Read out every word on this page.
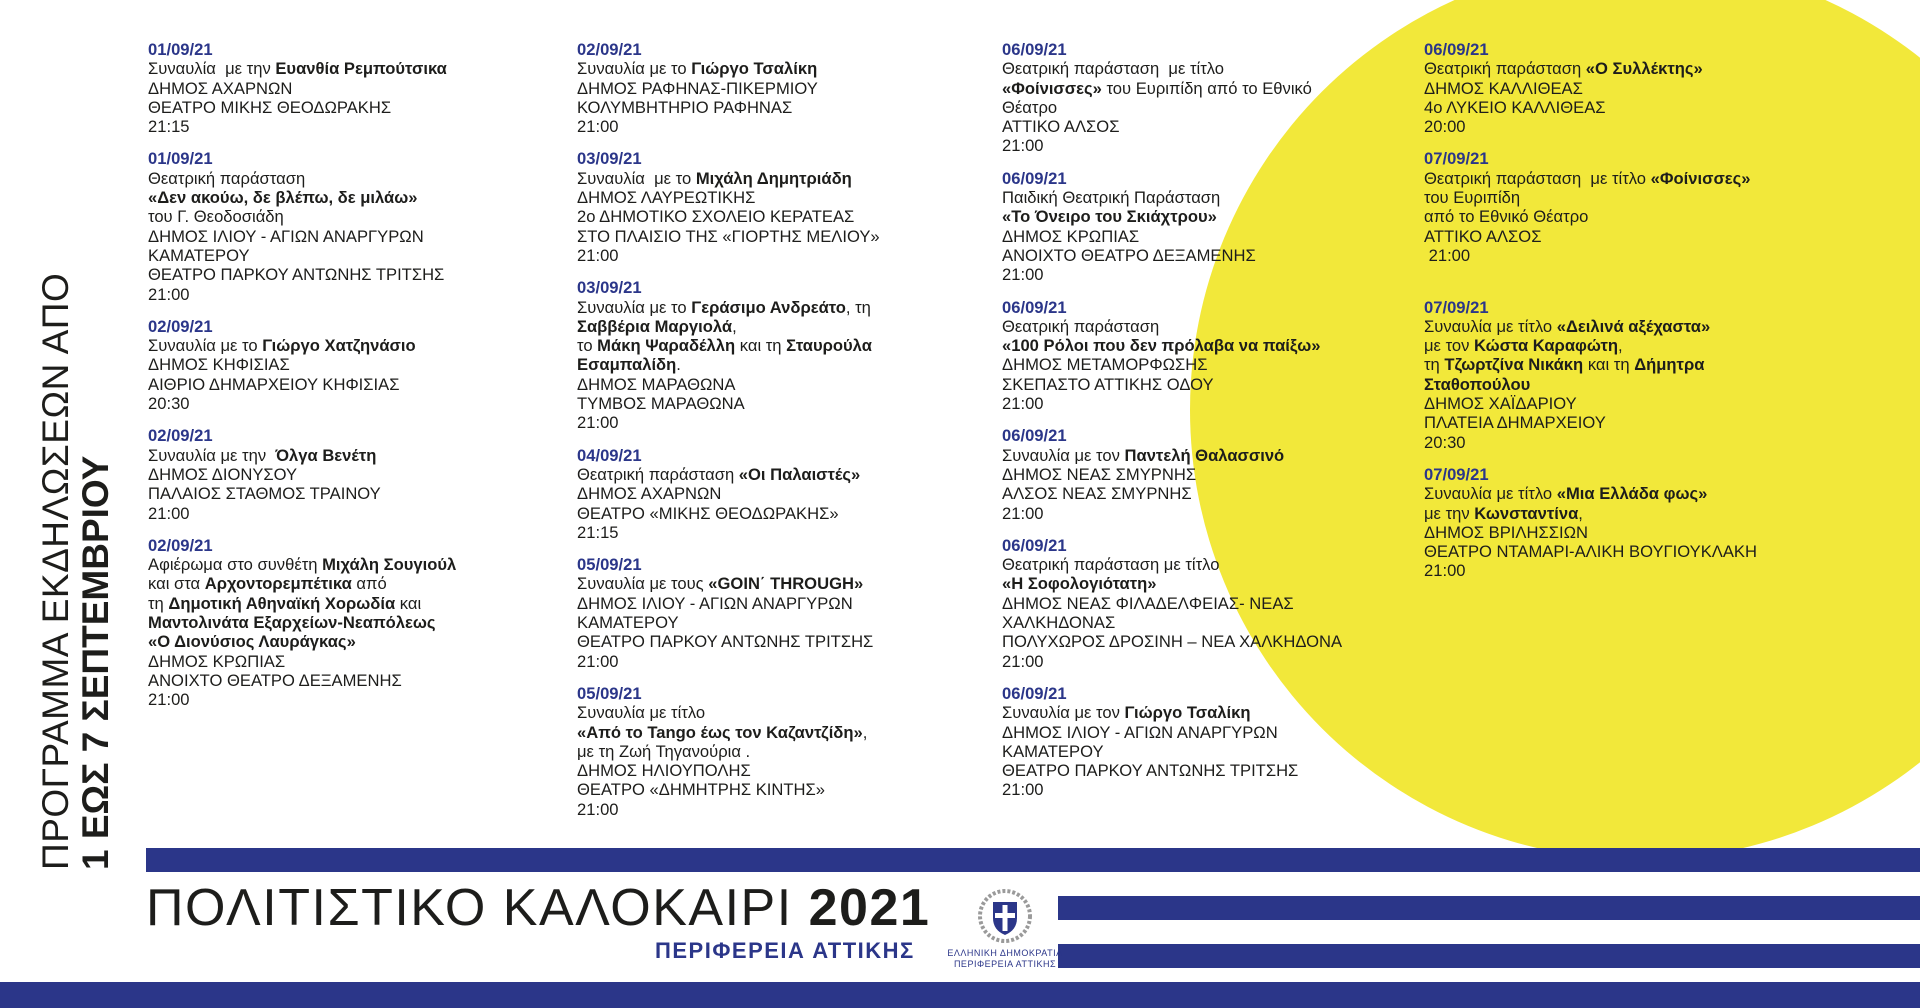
ΠΡΟΓΡΑΜΜΑ ΕΚΔΗΛΩΣΕΩΝ ΑΠΟ
1 ΕΩΣ 7 ΣΕΠΤΕΜΒΡΙΟΥ
01/09/21
Συναυλία  με την Ευανθία Ρεμπούτσικα
ΔΗΜΟΣ ΑΧΑΡΝΩΝ
ΘΕΑΤΡΟ ΜΙΚΗΣ ΘΕΟΔΩΡΑΚΗΣ
21:15
01/09/21
Θεατρική παράσταση
«Δεν ακούω, δε βλέπω, δε μιλάω»
του Γ. Θεοδοσιάδη
ΔΗΜΟΣ ΙΛΙΟΥ - ΑΓΙΩΝ ΑΝΑΡΓΥΡΩΝ
ΚΑΜΑΤΕΡΟΥ
ΘΕΑΤΡΟ ΠΑΡΚΟΥ ΑΝΤΩΝΗΣ ΤΡΙΤΣΗΣ
21:00
02/09/21
Συναυλία με το Γιώργο Χατζηνάσιο
ΔΗΜΟΣ ΚΗΦΙΣΙΑΣ
ΑΙΘΡΙΟ ΔΗΜΑΡΧΕΙΟΥ ΚΗΦΙΣΙΑΣ
20:30
02/09/21
Συναυλία με την  Όλγα Βενέτη
ΔΗΜΟΣ ΔΙΟΝΥΣΟΥ
ΠΑΛΑΙΟΣ ΣΤΑΘΜΟΣ ΤΡΑΙΝΟΥ
21:00
02/09/21
Αφιέρωμα στο συνθέτη Μιχάλη Σουγιούλ
και στα Αρχοντορεμπέτικα από
τη Δημοτική Αθηναϊκή Χορωδία και
Μαντολινάτα Εξαρχείων-Νεαπόλεως
«Ο Διονύσιος Λαυράγκας»
ΔΗΜΟΣ ΚΡΩΠΙΑΣ
ΑΝΟΙΧΤΟ ΘΕΑΤΡΟ ΔΕΞΑΜΕΝΗΣ
21:00
02/09/21
Συναυλία με το Γιώργο Τσαλίκη
ΔΗΜΟΣ ΡΑΦΗΝΑΣ-ΠΙΚΕΡΜΙΟΥ
ΚΟΛΥΜΒΗΤΗΡΙΟ ΡΑΦΗΝΑΣ
21:00
03/09/21
Συναυλία  με το Μιχάλη Δημητριάδη
ΔΗΜΟΣ ΛΑΥΡΕΩΤΙΚΗΣ
2ο ΔΗΜΟΤΙΚΟ ΣΧΟΛΕΙΟ ΚΕΡΑΤΕΑΣ
ΣΤΟ ΠΛΑΙΣΙΟ ΤΗΣ «ΓΙΟΡΤΗΣ ΜΕΛΙΟΥ»
21:00
03/09/21
Συναυλία με το Γεράσιμο Ανδρεάτο, τη
Σαββέρια Μαργιολά,
το Μάκη Ψαραδέλλη και τη Σταυρούλα
Εσαμπαλίδη.
ΔΗΜΟΣ ΜΑΡΑΘΩΝΑ
ΤΥΜΒΟΣ ΜΑΡΑΘΩΝΑ
21:00
04/09/21
Θεατρική παράσταση «Οι Παλαιστές»
ΔΗΜΟΣ ΑΧΑΡΝΩΝ
ΘΕΑΤΡΟ «ΜΙΚΗΣ ΘΕΟΔΩΡΑΚΗΣ»
21:15
05/09/21
Συναυλία με τους «GOIN΄ THROUGH»
ΔΗΜΟΣ ΙΛΙΟΥ - ΑΓΙΩΝ ΑΝΑΡΓΥΡΩΝ
ΚΑΜΑΤΕΡΟΥ
ΘΕΑΤΡΟ ΠΑΡΚΟΥ ΑΝΤΩΝΗΣ ΤΡΙΤΣΗΣ
21:00
05/09/21
Συναυλία με τίτλο
«Από το Tango έως τον Καζαντζίδη»,
με τη Ζωή Τηγανούρια .
ΔΗΜΟΣ ΗΛΙΟΥΠΟΛΗΣ
ΘΕΑΤΡΟ «ΔΗΜΗΤΡΗΣ ΚΙΝΤΗΣ»
21:00
06/09/21
Θεατρική παράσταση  με τίτλο
«Φοίνισσες» του Ευριπίδη από το Εθνικό
Θέατρο
ΑΤΤΙΚΟ ΑΛΣΟΣ
21:00
06/09/21
Παιδική Θεατρική Παράσταση
«Το Όνειρο του Σκιάχτρου»
ΔΗΜΟΣ ΚΡΩΠΙΑΣ
ΑΝΟΙΧΤΟ ΘΕΑΤΡΟ ΔΕΞΑΜΕΝΗΣ
21:00
06/09/21
Θεατρική παράσταση
«100 Ρόλοι που δεν πρόλαβα να παίξω»
ΔΗΜΟΣ ΜΕΤΑΜΟΡΦΩΣΗΣ
ΣΚΕΠΑΣΤΟ ΑΤΤΙΚΗΣ ΟΔΟΥ
21:00
06/09/21
Συναυλία με τον Παντελή Θαλασσινό
ΔΗΜΟΣ ΝΕΑΣ ΣΜΥΡΝΗΣ
ΑΛΣΟΣ ΝΕΑΣ ΣΜΥΡΝΗΣ
21:00
06/09/21
Θεατρική παράσταση με τίτλο
«Η Σοφολογιότατη»
ΔΗΜΟΣ ΝΕΑΣ ΦΙΛΑΔΕΛΦΕΙΑΣ- ΝΕΑΣ
ΧΑΛΚΗΔΟΝΑΣ
ΠΟΛΥΧΩΡΟΣ ΔΡΟΣΙΝΗ – ΝΕΑ ΧΑΛΚΗΔΟΝΑ
21:00
06/09/21
Συναυλία με τον Γιώργο Τσαλίκη
ΔΗΜΟΣ ΙΛΙΟΥ - ΑΓΙΩΝ ΑΝΑΡΓΥΡΩΝ
ΚΑΜΑΤΕΡΟΥ
ΘΕΑΤΡΟ ΠΑΡΚΟΥ ΑΝΤΩΝΗΣ ΤΡΙΤΣΗΣ
21:00
06/09/21
Θεατρική παράσταση «Ο Συλλέκτης»
ΔΗΜΟΣ ΚΑΛΛΙΘΕΑΣ
4ο ΛΥΚΕΙΟ ΚΑΛΛΙΘΕΑΣ
20:00
07/09/21
Θεατρική παράσταση  με τίτλο «Φοίνισσες»
του Ευριπίδη
από το Εθνικό Θέατρο
ΑΤΤΙΚΟ ΑΛΣΟΣ
21:00

07/09/21
Συναυλία με τίτλο «Δειλινά αξέχαστα»
με τον Κώστα Καραφώτη,
τη Τζωρτζίνα Νικάκη και τη Δήμητρα
Σταθοπούλου
ΔΗΜΟΣ ΧΑΪΔΑΡΙΟΥ
ΠΛΑΤΕΙΑ ΔΗΜΑΡΧΕΙΟΥ
20:30
07/09/21
Συναυλία με τίτλο «Μια Ελλάδα φως»
με την Κωνσταντίνα,
ΔΗΜΟΣ ΒΡΙΛΗΣΣΙΩΝ
ΘΕΑΤΡΟ ΝΤΑΜΑΡΙ-ΑΛΙΚΗ ΒΟΥΓΙΟΥΚΛΑΚΗ
21:00
ΠΟΛΙΤΙΣΤΙΚΟ ΚΑΛΟΚΑΙΡΙ 2021
ΠΕΡΙΦΕΡΕΙΑ ΑΤΤΙΚΗΣ	ΕΛΛΗΝΙΚΗ ΔΗΜΟΚΡΑΤΙΑ
ΠΕΡΙΦΕΡΕΙΑ ΑΤΤΙΚΗΣ
